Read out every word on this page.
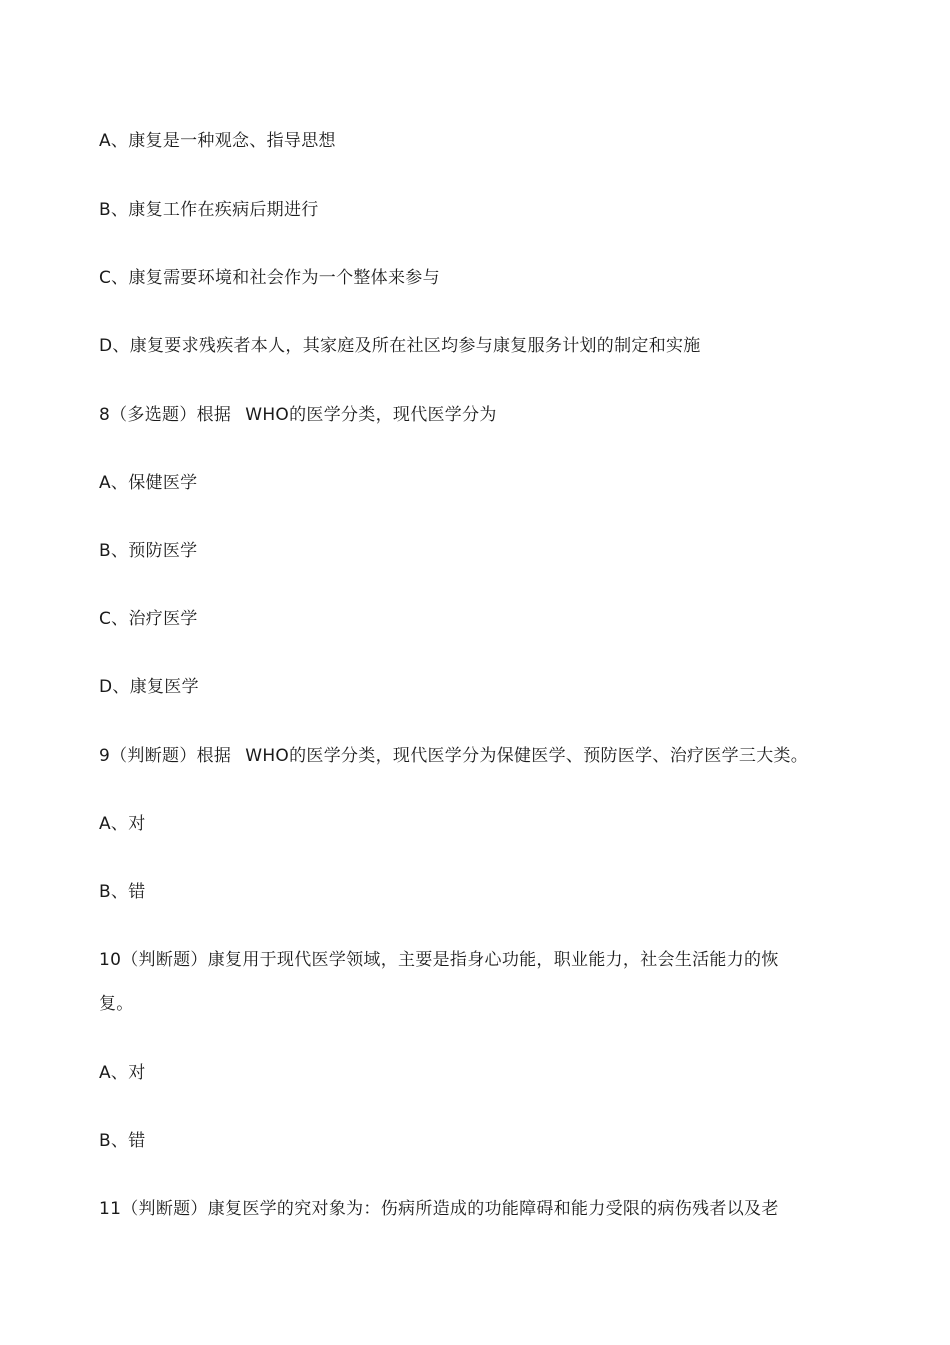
A、康复是一种观念、指导思想
B、康复工作在疾病后期进行
C、康复需要环境和社会作为一个整体来参与
D、康复要求残疾者本人，其家庭及所在社区均参与康复服务计划的制定和实施
8（多选题）根据 WHO的医学分类，现代医学分为
A、保健医学
B、预防医学
C、治疗医学
D、康复医学
9（判断题）根据 WHO的医学分类，现代医学分为保健医学、预防医学、治疗医学三大类。
A、对
B、错
10（判断题）康复用于现代医学领域，主要是指身心功能，职业能力，社会生活能力的恢
复。
A、对
B、错
11（判断题）康复医学的究对象为：伤病所造成的功能障碍和能力受限的病伤残者以及老
